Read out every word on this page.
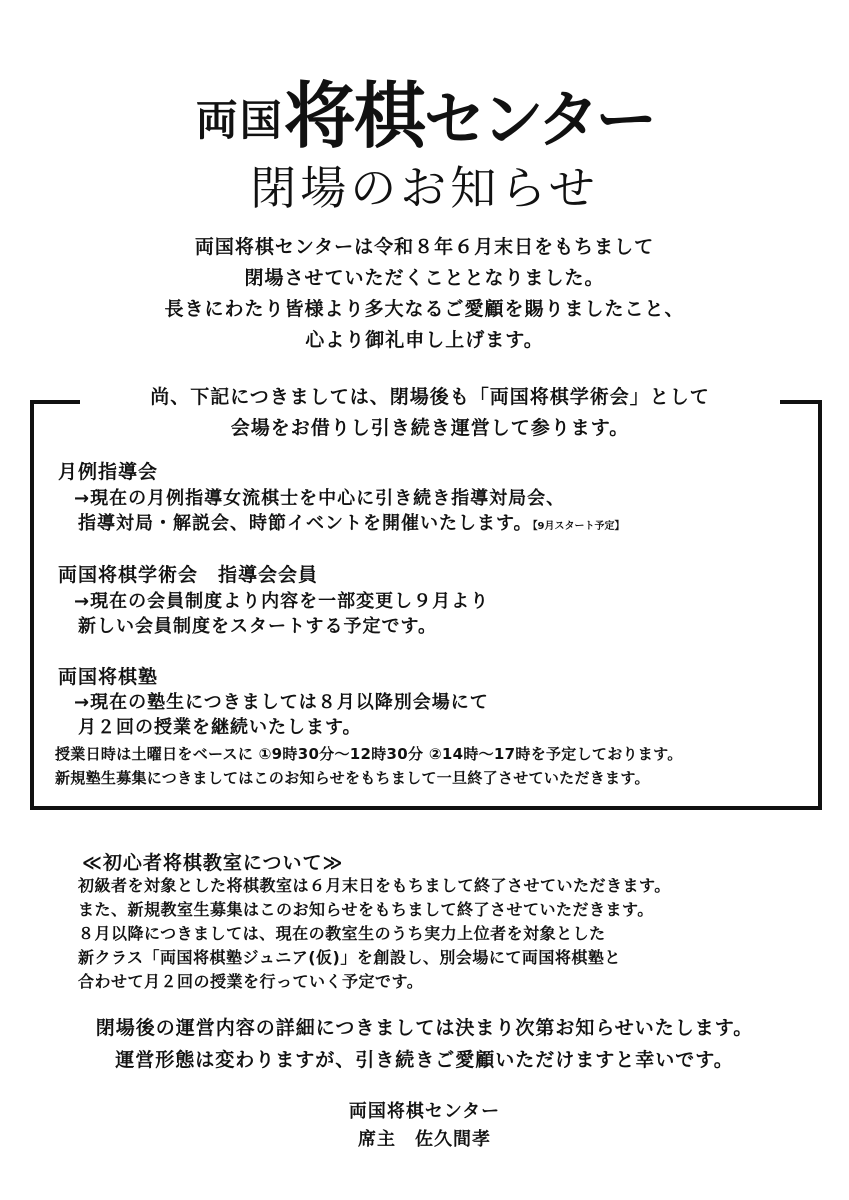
両国将棋センター
閉場のお知らせ
両国将棋センターは令和８年６月末日をもちまして
閉場させていただくこととなりました。
長きにわたり皆様より多大なるご愛顧を賜りましたこと、
心より御礼申し上げます。
尚、下記につきましては、閉場後も「両国将棋学術会」として
会場をお借りし引き続き運営して参ります。
月例指導会
→現在の月例指導女流棋士を中心に引き続き指導対局会、
指導対局・解説会、時節イベントを開催いたします。【9月スタート予定】
両国将棋学術会　指導会会員
→現在の会員制度より内容を一部変更し９月より
新しい会員制度をスタートする予定です。
両国将棋塾
→現在の塾生につきましては８月以降別会場にて
月２回の授業を継続いたします。
授業日時は土曜日をベースに ①9時30分～12時30分 ②14時～17時を予定しております。
新規塾生募集につきましてはこのお知らせをもちまして一旦終了させていただきます。
≪初心者将棋教室について≫
初級者を対象とした将棋教室は６月末日をもちまして終了させていただきます。
また、新規教室生募集はこのお知らせをもちまして終了させていただきます。
８月以降につきましては、現在の教室生のうち実力上位者を対象とした
新クラス「両国将棋塾ジュニア(仮)」を創設し、別会場にて両国将棋塾と
合わせて月２回の授業を行っていく予定です。
閉場後の運営内容の詳細につきましては決まり次第お知らせいたします。
運営形態は変わりますが、引き続きご愛顧いただけますと幸いです。
両国将棋センター
席主　佐久間孝
